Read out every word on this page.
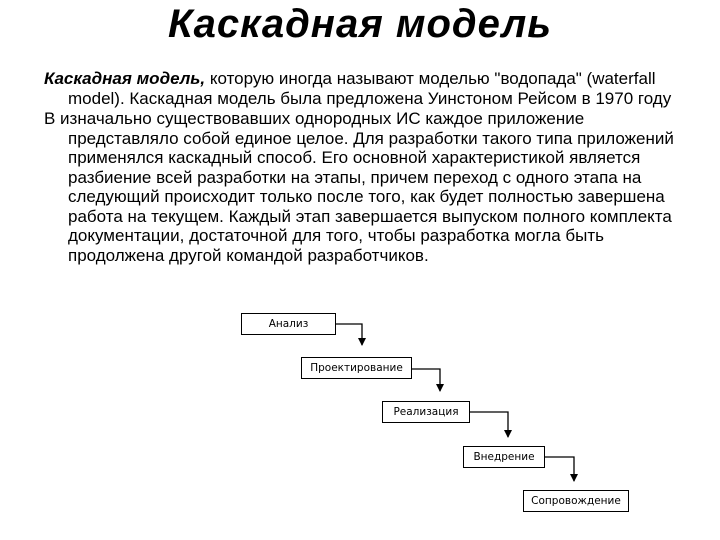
Каскадная модель

Каскадная модель, которую иногда называют моделью "водопада" (waterfall model). Каскадная модель была предложена Уинстоном Рейсом в 1970 году

В изначально существовавших однородных ИС каждое приложение представляло собой единое целое. Для разработки такого типа приложений применялся каскадный способ. Его основной характеристикой является разбиение всей разработки на этапы, причем переход с одного этапа на следующий происходит только после того, как будет полностью завершена работа на текущем. Каждый этап завершается выпуском полного комплекта документации, достаточной для того, чтобы разработка могла быть продолжена другой командой разработчиков.

Анализ
Проектирование
Реализация
Внедрение
Сопровождение
